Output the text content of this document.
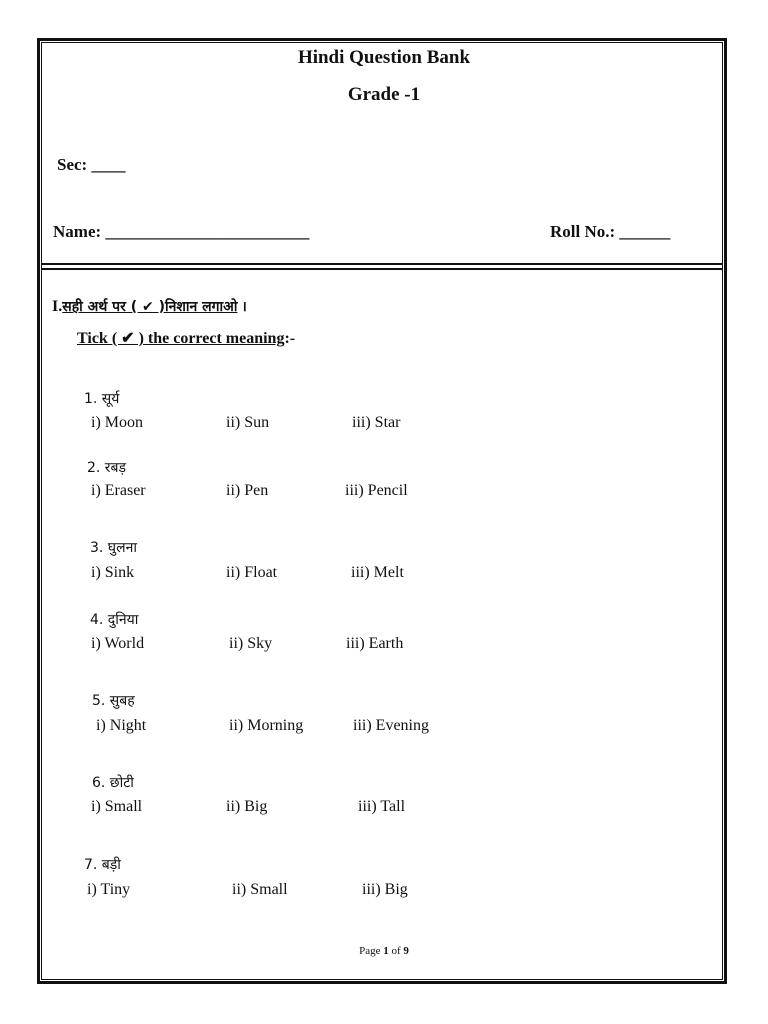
Hindi Question Bank
Grade -1
Sec: ____
Name: ________________________	Roll No.: ______
I.सही अर्थ पर ( ✔ )निशान लगाओ ।
Tick ( ✔ ) the correct meaning:-
1. सूर्य
i) Moon	ii) Sun	iii) Star
2. रबड़
i) Eraser	ii) Pen	iii) Pencil
3. घुलना
i) Sink	ii) Float	iii) Melt
4. दुनिया
i) World	ii) Sky	iii) Earth
5. सुबह
i) Night	ii) Morning	iii) Evening
6. छोटी
i) Small	ii) Big	iii) Tall
7. बड़ी
i) Tiny	ii) Small	iii) Big
Page 1 of 9
